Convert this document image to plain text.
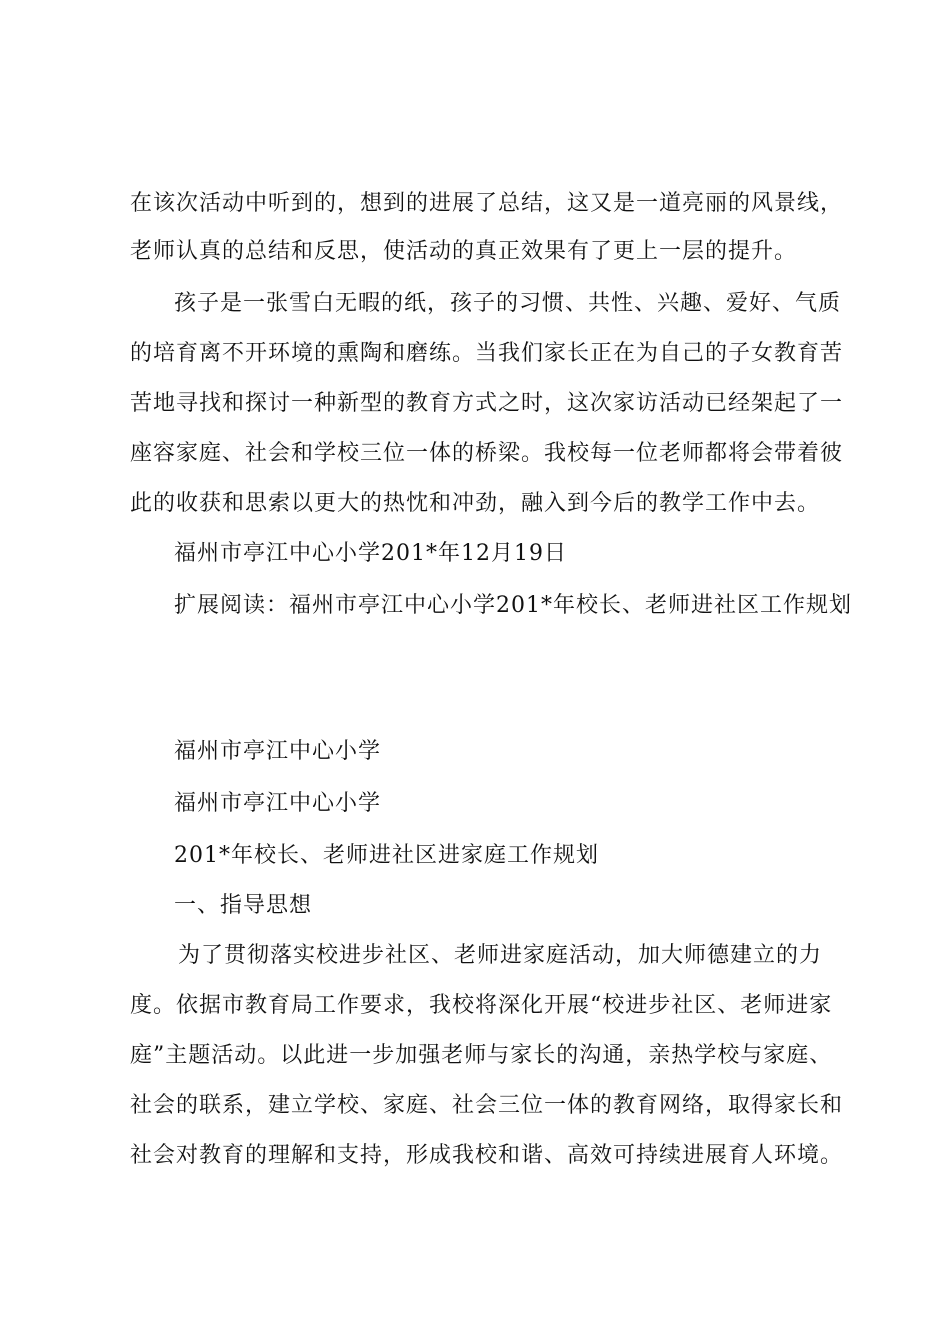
在该次活动中听到的，想到的进展了总结，这又是一道亮丽的风景线，
老师认真的总结和反思，使活动的真正效果有了更上一层的提升。
孩子是一张雪白无暇的纸，孩子的习惯、共性、兴趣、爱好、气质
的培育离不开环境的熏陶和磨练。当我们家长正在为自己的子女教育苦
苦地寻找和探讨一种新型的教育方式之时，这次家访活动已经架起了一
座容家庭、社会和学校三位一体的桥梁。我校每一位老师都将会带着彼
此的收获和思索以更大的热忱和冲劲，融入到今后的教学工作中去。
福州市亭江中心小学201*年12月19日
扩展阅读：福州市亭江中心小学201*年校长、老师进社区工作规划
福州市亭江中心小学
福州市亭江中心小学
201*年校长、老师进社区进家庭工作规划
一、指导思想
为了贯彻落实校进步社区、老师进家庭活动，加大师德建立的力
度。依据市教育局工作要求，我校将深化开展“校进步社区、老师进家
庭”主题活动。以此进一步加强老师与家长的沟通，亲热学校与家庭、
社会的联系，建立学校、家庭、社会三位一体的教育网络，取得家长和
社会对教育的理解和支持，形成我校和谐、高效可持续进展育人环境。
